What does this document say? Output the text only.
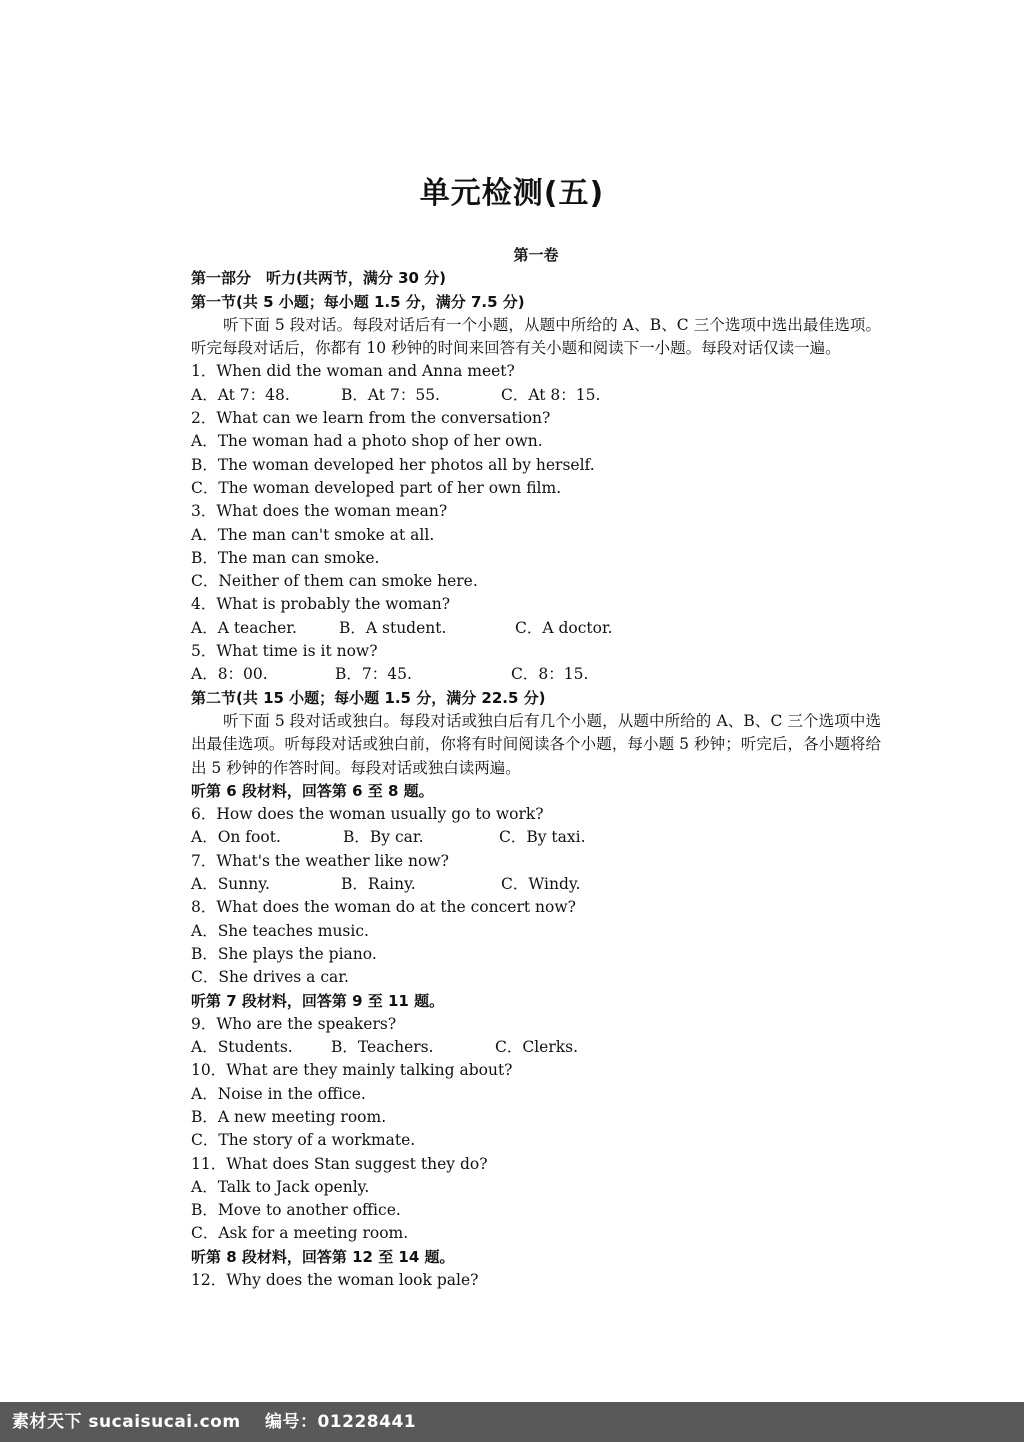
单元检测(五)
第一卷
第一部分　听力(共两节，满分 30 分)
第一节(共 5 小题；每小题 1.5 分，满分 7.5 分)
听下面 5 段对话。每段对话后有一个小题，从题中所给的 A、B、C 三个选项中选出最佳选项。听完每段对话后，你都有 10 秒钟的时间来回答有关小题和阅读下一小题。每段对话仅读一遍。
1．When did the woman and Anna meet?
A．At 7：48.	B．At 7：55.	C．At 8：15.
2．What can we learn from the conversation?
A．The woman had a photo shop of her own.
B．The woman developed her photos all by herself.
C．The woman developed part of her own film.
3．What does the woman mean?
A．The man can't smoke at all.
B．The man can smoke.
C．Neither of them can smoke here.
4．What is probably the woman?
A．A teacher.	B．A student.	C．A doctor.
5．What time is it now?
A．8：00.	B．7：45.	C．8：15.
第二节(共 15 小题；每小题 1.5 分，满分 22.5 分)
听下面 5 段对话或独白。每段对话或独白后有几个小题，从题中所给的 A、B、C 三个选项中选出最佳选项。听每段对话或独白前，你将有时间阅读各个小题，每小题 5 秒钟；听完后，各小题将给出 5 秒钟的作答时间。每段对话或独白读两遍。
听第 6 段材料，回答第 6 至 8 题。
6．How does the woman usually go to work?
A．On foot.	B．By car.	C．By taxi.
7．What's the weather like now?
A．Sunny.	B．Rainy.	C．Windy.
8．What does the woman do at the concert now?
A．She teaches music.
B．She plays the piano.
C．She drives a car.
听第 7 段材料，回答第 9 至 11 题。
9．Who are the speakers?
A．Students.	B．Teachers.	C．Clerks.
10．What are they mainly talking about?
A．Noise in the office.
B．A new meeting room.
C．The story of a workmate.
11．What does Stan suggest they do?
A．Talk to Jack openly.
B．Move to another office.
C．Ask for a meeting room.
听第 8 段材料，回答第 12 至 14 题。
12．Why does the woman look pale?
素材天下 sucaisucai.com 编号：01228441
